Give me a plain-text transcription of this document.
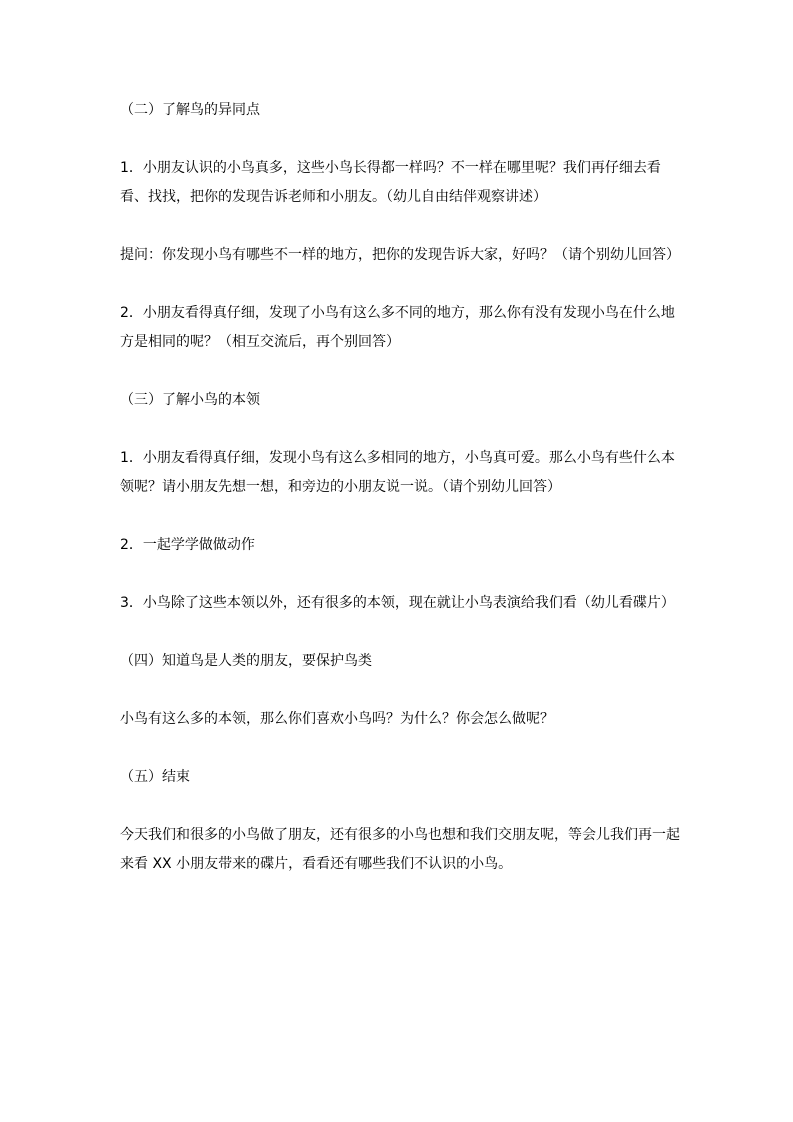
（二）了解鸟的异同点

1．小朋友认识的小鸟真多，这些小鸟长得都一样吗？不一样在哪里呢？我们再仔细去看看、找找，把你的发现告诉老师和小朋友。（幼儿自由结伴观察讲述）

提问：你发现小鸟有哪些不一样的地方，把你的发现告诉大家，好吗？（请个别幼儿回答）

2．小朋友看得真仔细，发现了小鸟有这么多不同的地方，那么你有没有发现小鸟在什么地方是相同的呢？（相互交流后，再个别回答）

（三）了解小鸟的本领

1．小朋友看得真仔细，发现小鸟有这么多相同的地方，小鸟真可爱。那么小鸟有些什么本领呢？请小朋友先想一想，和旁边的小朋友说一说。（请个别幼儿回答）

2．一起学学做做动作

3．小鸟除了这些本领以外，还有很多的本领，现在就让小鸟表演给我们看（幼儿看碟片）

（四）知道鸟是人类的朋友，要保护鸟类

小鸟有这么多的本领，那么你们喜欢小鸟吗？为什么？你会怎么做呢？

（五）结束

今天我们和很多的小鸟做了朋友，还有很多的小鸟也想和我们交朋友呢，等会儿我们再一起来看 XX 小朋友带来的碟片，看看还有哪些我们不认识的小鸟。
